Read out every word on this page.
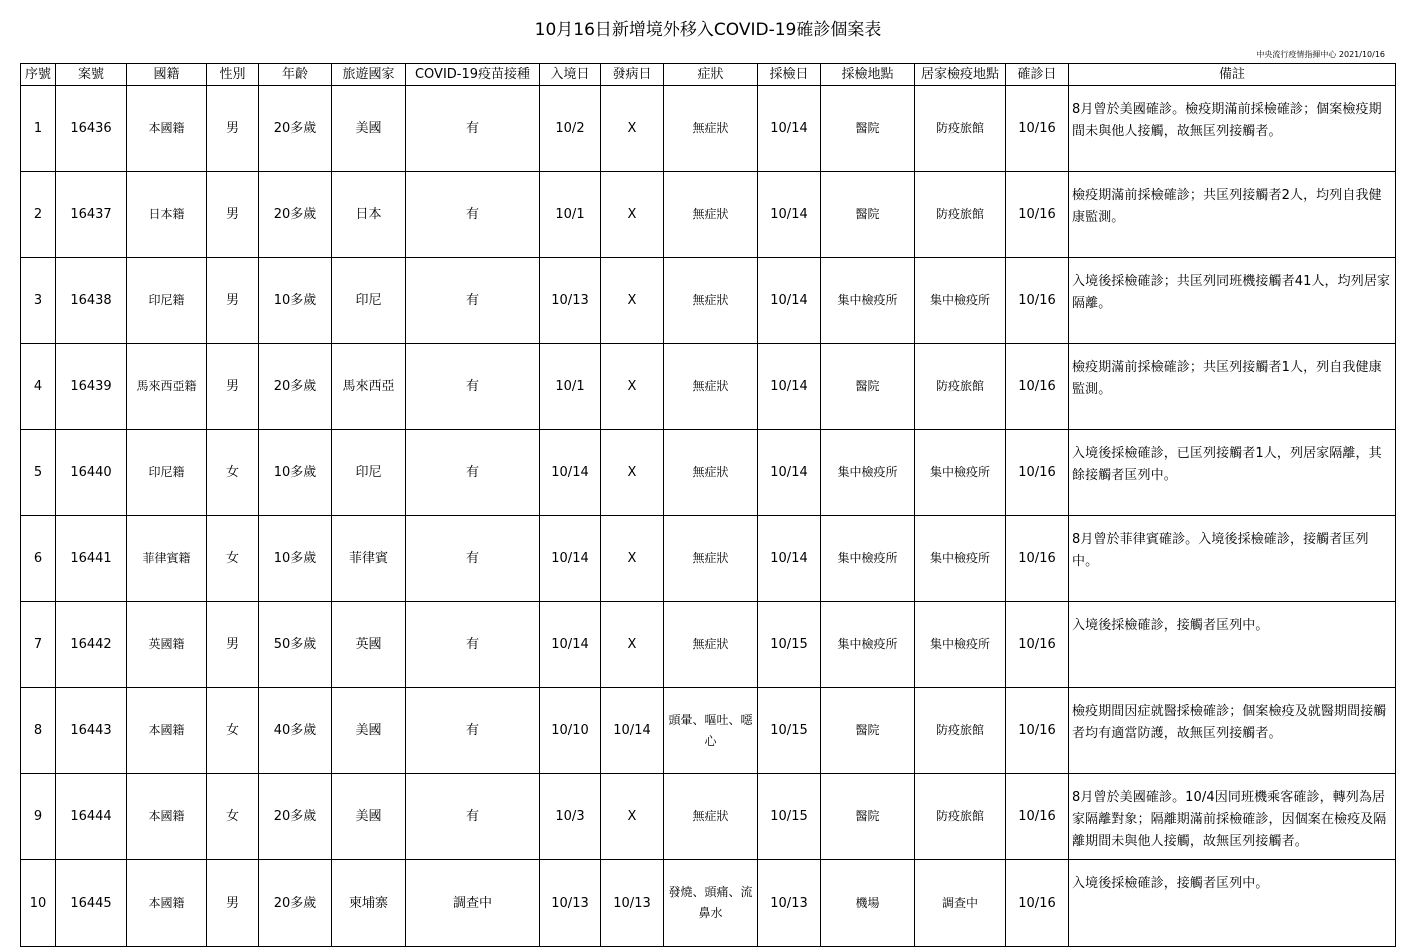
10月16日新增境外移入COVID-19確診個案表
中央流行疫情指揮中心 2021/10/16
序號	案號	國籍	性別	年齡	旅遊國家	COVID-19疫苗接種	入境日	發病日	症狀	採檢日	採檢地點	居家檢疫地點	確診日	備註
1	16436	本國籍	男	20多歲	美國	有	10/2	X	無症狀	10/14	醫院	防疫旅館	10/16	8月曾於美國確診。檢疫期滿前採檢確診；個案檢疫期間未與他人接觸，故無匡列接觸者。
2	16437	日本籍	男	20多歲	日本	有	10/1	X	無症狀	10/14	醫院	防疫旅館	10/16	檢疫期滿前採檢確診；共匡列接觸者2人，均列自我健康監測。
3	16438	印尼籍	男	10多歲	印尼	有	10/13	X	無症狀	10/14	集中檢疫所	集中檢疫所	10/16	入境後採檢確診；共匡列同班機接觸者41人，均列居家隔離。
4	16439	馬來西亞籍	男	20多歲	馬來西亞	有	10/1	X	無症狀	10/14	醫院	防疫旅館	10/16	檢疫期滿前採檢確診；共匡列接觸者1人，列自我健康監測。
5	16440	印尼籍	女	10多歲	印尼	有	10/14	X	無症狀	10/14	集中檢疫所	集中檢疫所	10/16	入境後採檢確診，已匡列接觸者1人，列居家隔離，其餘接觸者匡列中。
6	16441	菲律賓籍	女	10多歲	菲律賓	有	10/14	X	無症狀	10/14	集中檢疫所	集中檢疫所	10/16	8月曾於菲律賓確診。入境後採檢確診，接觸者匡列中。
7	16442	英國籍	男	50多歲	英國	有	10/14	X	無症狀	10/15	集中檢疫所	集中檢疫所	10/16	入境後採檢確診，接觸者匡列中。
8	16443	本國籍	女	40多歲	美國	有	10/10	10/14	頭暈、嘔吐、噁心	10/15	醫院	防疫旅館	10/16	檢疫期間因症就醫採檢確診；個案檢疫及就醫期間接觸者均有適當防護，故無匡列接觸者。
9	16444	本國籍	女	20多歲	美國	有	10/3	X	無症狀	10/15	醫院	防疫旅館	10/16	8月曾於美國確診。10/4因同班機乘客確診，轉列為居家隔離對象；隔離期滿前採檢確診，因個案在檢疫及隔離期間未與他人接觸，故無匡列接觸者。
10	16445	本國籍	男	20多歲	柬埔寨	調查中	10/13	10/13	發燒、頭痛、流鼻水	10/13	機場	調查中	10/16	入境後採檢確診，接觸者匡列中。
